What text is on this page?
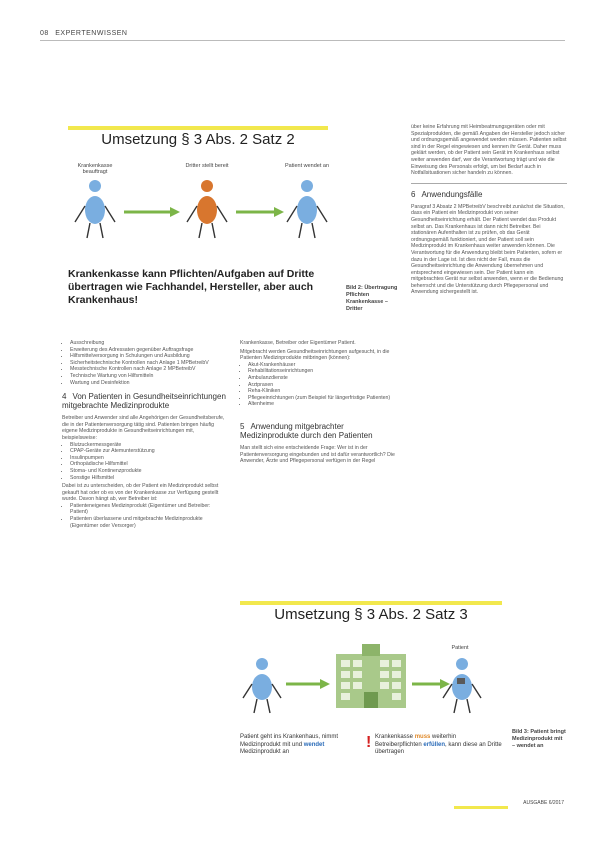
08 EXPERTENWISSEN
Umsetzung § 3 Abs. 2 Satz 2
Krankenkasse beauftragt
Dritter stellt bereit	Patient wendet an
Krankenkasse kann Pflichten/Aufgaben auf Dritte übertragen wie Fachhandel, Hersteller, aber auch Krankenhaus!
Bild 2: Übertragung Pflichten Krankenkasse – Dritter
• Ausschreibung
• Erweiterung des Adressaten gegenüber Auftragsfrage
• Hilfsmittelversorgung in Schulungen und Ausbildung
• Sicherheitstechnische Kontrollen nach Anlage 1 MPBetreibV
• Messtechnische Kontrollen nach Anlage 2 MPBetreibV
• Technische Wartung von Hilfsmitteln
• Wartung und Desinfektion
4 Von Patienten in Gesundheitseinrichtungen mitgebrachte Medizinprodukte
Betreiber und Anwender sind alle Angehörigen der Gesundheitsberufe, die in der Patientenversorgung tätig sind. Patienten bringen häufig eigene Medizinprodukte in Gesundheitseinrichtungen mit, beispielsweise:
• Blutzuckermessgeräte
• CPAP-Geräte zur Atemunterstützung
• Insulinpumpen
• Orthopädische Hilfsmittel
• Stoma- und Kontinenzprodukte
• Sonstige Hilfsmittel
Dabei ist zu unterscheiden, ob der Patient ein Medizinprodukt selbst gekauft hat oder ob es von der Krankenkasse zur Verfügung gestellt wurde. Davon hängt ab, wer Betreiber ist:
• Patienteneigenes Medizinprodukt (Eigentümer und Betreiber: Patient)
• Patienten überlassene und mitgebrachte Medizinprodukte (Eigentümer oder Versorger)
Krankenkasse, Betreiber oder Eigentümer Patient.
Mitgebracht werden Gesundheitseinrichtungen aufgesucht, in die Patienten Medizinprodukte mitbringen (können):
• Akut-Krankenhäuser
• Rehabilitationseinrichtungen
• Ambulanzdienste
• Arztpraxen
• Reha-Kliniken
• Pflegeeinrichtungen (zum Beispiel für längerfristige Patienten)
• Altenheime
5 Anwendung mitgebrachter Medizinprodukte durch den Patienten
Man stellt sich eine entscheidende Frage: Wer ist in der Patientenversorgung eingebunden und ist dafür verantwortlich? Die Anwender, Ärzte und Pflegepersonal verfügen in der Regel
über keine Erfahrung mit Heimbeatmungsgeräten oder mit Spezialprodukten, die gemäß Angaben der Hersteller jedoch sicher und ordnungsgemäß angewendet werden müssen. Patienten selbst sind in der Regel eingewiesen und kennen ihr Gerät. Daher muss geklärt werden, ob der Patient sein Gerät im Krankenhaus selbst weiter anwenden darf, wer die Verantwortung trägt und wie die Einweisung des Personals erfolgt, um bei Bedarf auch in Notfallsituationen sicher handeln zu können.
6 Anwendungsfälle
Paragraf 3 Absatz 2 MPBetreibV beschreibt zunächst die Situation, dass ein Patient ein Medizinprodukt von seiner Gesundheitseinrichtung erhält. Der Patient wendet das Produkt selbst an. Das Krankenhaus ist dann nicht Betreiber. Bei stationären Aufenthalten ist zu prüfen, ob das Gerät ordnungsgemäß funktioniert, und der Patient soll sein Medizinprodukt im Krankenhaus weiter anwenden können. Die Verantwortung für die Anwendung bleibt beim Patienten, sofern er dazu in der Lage ist. Ist dies nicht der Fall, muss die Gesundheitseinrichtung die Anwendung übernehmen und entsprechend eingewiesen sein. Der Patient kann ein mitgebrachtes Gerät nur selbst anwenden, wenn er die Bedienung beherrscht und die Unterstützung durch Pflegepersonal und Anwendung sichergestellt ist.
Umsetzung § 3 Abs. 2 Satz 3
Patient
Patient geht ins Krankenhaus, nimmt Medizinprodukt mit und wendet Medizinprodukt an
! Krankenkasse muss weiterhin Betreiberpflichten erfüllen, kann diese an Dritte übertragen
Bild 3: Patient bringt Medizinprodukt mit – wendet an
AUSGABE 6/2017
